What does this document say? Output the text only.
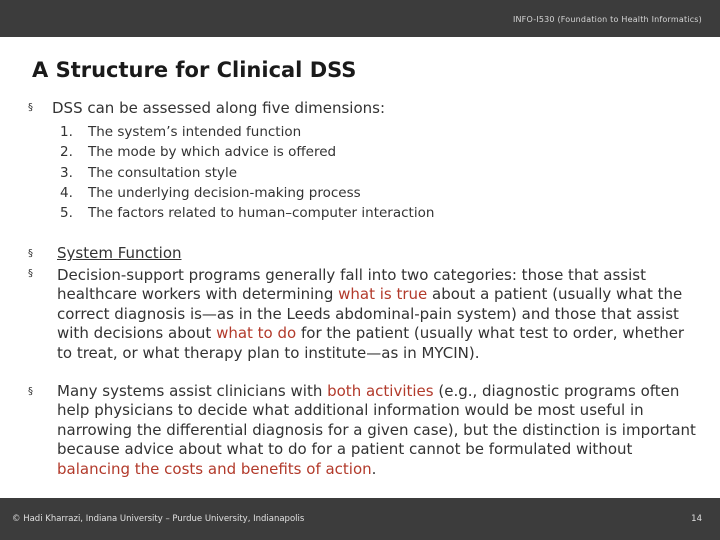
INFO-I530 (Foundation to Health Informatics)
A Structure for Clinical DSS
§ DSS can be assessed along five dimensions:
1. The system’s intended function
2. The mode by which advice is offered
3. The consultation style
4. The underlying decision-making process
5. The factors related to human–computer interaction
§ System Function
§ Decision-support programs generally fall into two categories: those that assist healthcare workers with determining what is true about a patient (usually what the correct diagnosis is—as in the Leeds abdominal-pain system) and those that assist with decisions about what to do for the patient (usually what test to order, whether to treat, or what therapy plan to institute—as in MYCIN).
§ Many systems assist clinicians with both activities (e.g., diagnostic programs often help physicians to decide what additional information would be most useful in narrowing the differential diagnosis for a given case), but the distinction is important because advice about what to do for a patient cannot be formulated without balancing the costs and benefits of action.
© Hadi Kharrazi, Indiana University – Purdue University, Indianapolis	14
